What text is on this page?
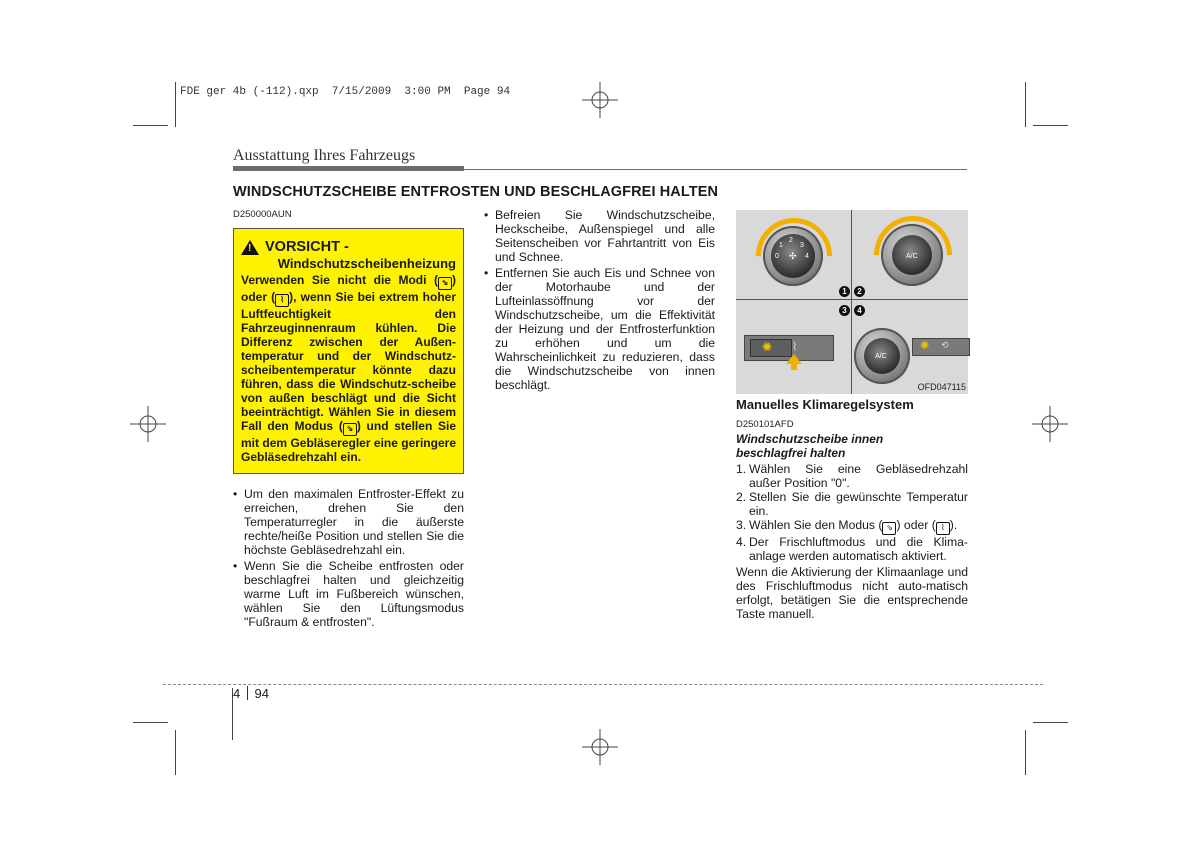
FDE ger 4b (-112).qxp  7/15/2009  3:00 PM  Page 94
Ausstattung Ihres Fahrzeugs
WINDSCHUTZSCHEIBE ENTFROSTEN UND BESCHLAGFREI HALTEN
D250000AUN
!
VORSICHT -
Windschutzscheibenheizung
Verwenden Sie nicht die Modi ( ⇘ ) oder ( ⌇ ), wenn Sie bei extrem hoher Luftfeuchtigkeit den Fahrzeuginnenraum kühlen. Die Differenz zwischen der Außen-temperatur und der Windschutz-scheibentemperatur könnte dazu führen, dass die Windschutz-scheibe von außen beschlägt und die Sicht beeinträchtigt. Wählen Sie in diesem Fall den Modus ( ⇘ ) und stellen Sie mit dem Gebläseregler eine geringere Gebläsedrehzahl ein.
• Um den maximalen Entfroster-Effekt zu erreichen, drehen Sie den Temperaturregler in die äußerste rechte/heiße Position und stellen Sie die höchste Gebläsedrehzahl ein.
• Wenn Sie die Scheibe entfrosten oder beschlagfrei halten und gleichzeitig warme Luft im Fußbereich wünschen, wählen Sie den Lüftungsmodus "Fußraum & entfrosten".
• Befreien Sie Windschutzscheibe, Heckscheibe, Außenspiegel und alle Seitenscheiben vor Fahrtantritt von Eis und Schnee.
• Entfernen Sie auch Eis und Schnee von der Motorhaube und der Lufteinlassöffnung vor der Windschutzscheibe, um die Effektivität der Heizung und der Entfrosterfunktion zu erhöhen und um die Wahrscheinlichkeit zu reduzieren, dass die Windschutzscheibe von innen beschlägt.
0
1
2
3
4
✣	A/C
1	2
3	4
✺ ⌇
A/C
✺ ⟲
OFD047115
Manuelles Klimaregelsystem
D250101AFD
Windschutzscheibe innen beschlagfrei halten
1. Wählen Sie eine Gebläsedrehzahl außer Position "0".
2. Stellen Sie die gewünschte Temperatur ein.
3. Wählen Sie den Modus ( ⇘ ) oder ( ⌇ ).
4. Der Frischluftmodus und die Klima-anlage werden automatisch aktiviert.
Wenn die Aktivierung der Klimaanlage und des Frischluftmodus nicht auto-matisch erfolgt, betätigen Sie die entsprechende Taste manuell.
4 94
